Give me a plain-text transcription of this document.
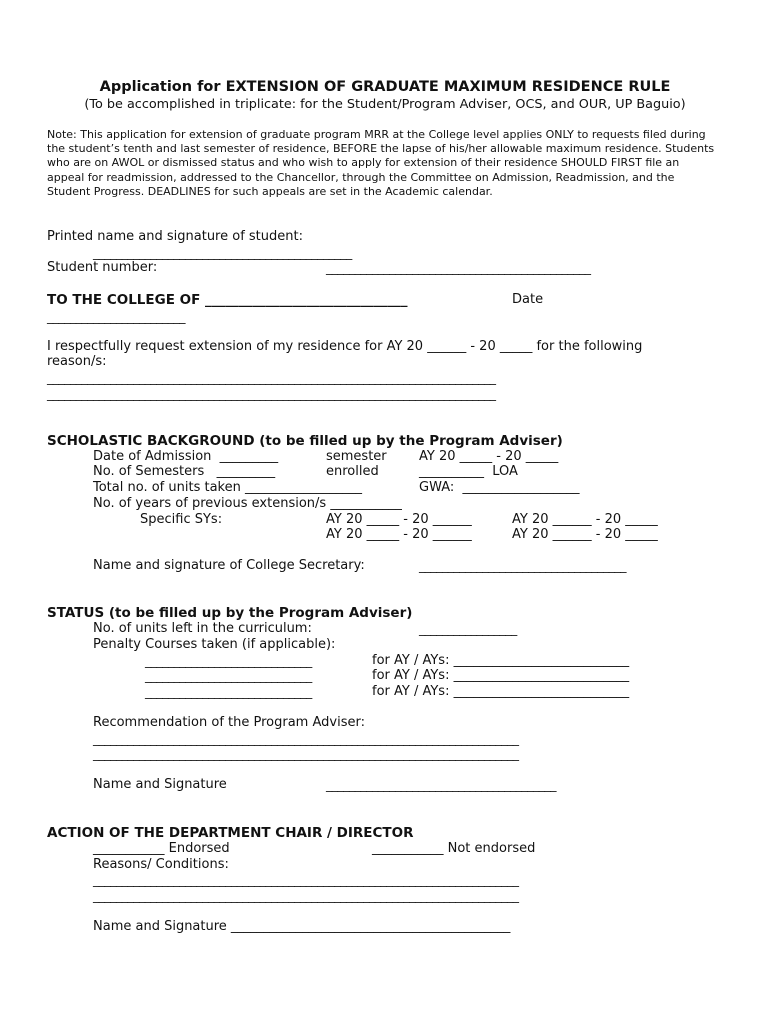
Application for EXTENSION OF GRADUATE MAXIMUM RESIDENCE RULE
(To be accomplished in triplicate: for the Student/Program Adviser, OCS, and OUR, UP Baguio)
Note: This application for extension of graduate program MRR at the College level applies ONLY to requests filed during the student’s tenth and last semester of residence, BEFORE the lapse of his/her allowable maximum residence. Students who are on AWOL or dismissed status and who wish to apply for extension of their residence SHOULD FIRST file an appeal for readmission, addressed to the Chancellor, through the Committee on Admission, Readmission, and the Student Progress. DEADLINES for such appeals are set in the Academic calendar.
Printed name and signature of student:
_____________________________________________
Student number:	______________________________________________
TO THE COLLEGE OF ______________________________	Date
________________________
I respectfully request extension of my residence for AY 20 ______ - 20 _____ for the following
reason/s:
______________________________________________________________________________
______________________________________________________________________________
SCHOLASTIC BACKGROUND (to be filled up by the Program Adviser)
Date of Admission  _________	semester AY 20 _____ - 20 _____
No. of Semesters   _________	enrolled	__________  LOA
Total no. of units taken __________________	GWA:  __________________
No. of years of previous extension/s ___________
Specific SYs:	AY 20 _____ - 20 ______	AY 20 ______ - 20 _____
AY 20 _____ - 20 ______	AY 20 ______ - 20 _____
Name and signature of College Secretary:	____________________________________
STATUS (to be filled up by the Program Adviser)
No. of units left in the curriculum:	_________________
Penalty Courses taken (if applicable):
_____________________________	for AY / AYs: ___________________________
_____________________________	for AY / AYs: ___________________________
_____________________________	for AY / AYs: ___________________________
Recommendation of the Program Adviser:
__________________________________________________________________________
__________________________________________________________________________
Name and Signature	________________________________________
ACTION OF THE DEPARTMENT CHAIR / DIRECTOR
___________ Endorsed	___________ Not endorsed
Reasons/ Conditions:
__________________________________________________________________________
__________________________________________________________________________
Name and Signature ___________________________________________
